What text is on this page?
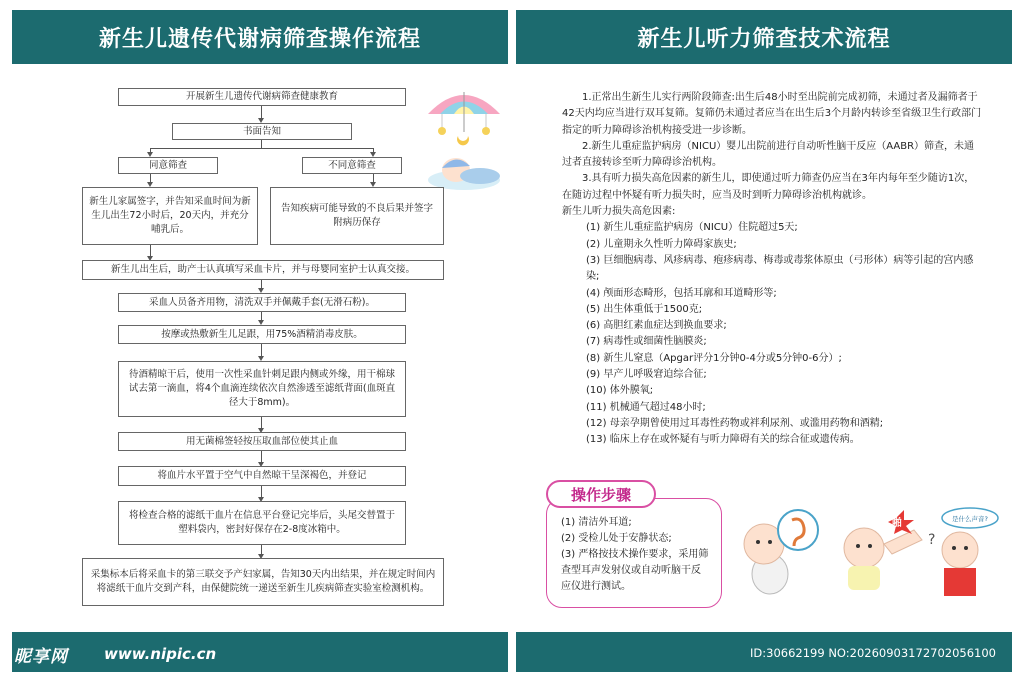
新生儿遗传代谢病筛查操作流程
开展新生儿遗传代谢病筛查健康教育
书面告知
同意筛查	不同意筛查
新生儿家属签字，并告知采血时间为新生儿出生72小时后，20天内，并充分哺乳后。
告知疾病可能导致的不良后果并签字附病历保存
新生儿出生后，助产士认真填写采血卡片，并与母婴同室护士认真交接。
采血人员备齐用物，清洗双手并佩戴手套(无滑石粉)。
按摩或热敷新生儿足跟，用75%酒精消毒皮肤。
待酒精晾干后，使用一次性采血针刺足跟内侧或外缘，用干棉球试去第一滴血，将4个血滴连续依次自然渗透至滤纸背面(血斑直径大于8mm)。
用无菌棉签轻按压取血部位使其止血
将血片水平置于空气中自然晾干呈深褐色，并登记
将检查合格的滤纸干血片在信息平台登记完毕后，头尾交替置于塑料袋内，密封好保存在2-8度冰箱中。
采集标本后将采血卡的第三联交予产妇家属，告知30天内出结果，并在规定时间内将滤纸干血片交到产科，由保健院统一递送至新生儿疾病筛查实验室检测机构。
新生儿听力筛查技术流程

1.正常出生新生儿实行两阶段筛查:出生后48小时至出院前完成初筛，未通过者及漏筛者于42天内均应当进行双耳复筛。复筛仍未通过者应当在出生后3个月龄内转诊至省级卫生行政部门指定的听力障碍诊治机构接受进一步诊断。

2.新生儿重症监护病房（NICU）婴儿出院前进行自动听性脑干反应（AABR）筛查，未通过者直接转诊至听力障碍诊治机构。

3.具有听力损失高危因素的新生儿，即使通过听力筛查仍应当在3年内每年至少随访1次，在随访过程中怀疑有听力损失时，应当及时到听力障碍诊治机构就诊。

新生儿听力损失高危因素:

(1) 新生儿重症监护病房（NICU）住院超过5天;

(2) 儿童期永久性听力障碍家族史;

(3) 巨细胞病毒、风疹病毒、疱疹病毒、梅毒或毒浆体原虫（弓形体）病等引起的宫内感染;

(4) 颅面形态畸形，包括耳廓和耳道畸形等;

(5) 出生体重低于1500克;

(6) 高胆红素血症达到换血要求;

(7) 病毒性或细菌性脑膜炎;

(8) 新生儿窒息（Apgar评分1分钟0-4分或5分钟0-6分）;

(9) 早产儿呼吸窘迫综合征;

(10) 体外膜氧;

(11) 机械通气超过48小时;

(12) 母亲孕期曾使用过耳毒性药物或袢利尿剂、或滥用药物和酒精;

(13) 临床上存在或怀疑有与听力障碍有关的综合征或遗传病。

(1) 清洁外耳道;

(2) 受检儿处于安静状态;

(3) 严格按技术操作要求，采用筛查型耳声发射仪或自动听脑干反应仪进行测试。

操作步骤
啪	是什么声音?
?
昵享网 www.nipic.cn	ID:30662199 NO:20260903172702056100
